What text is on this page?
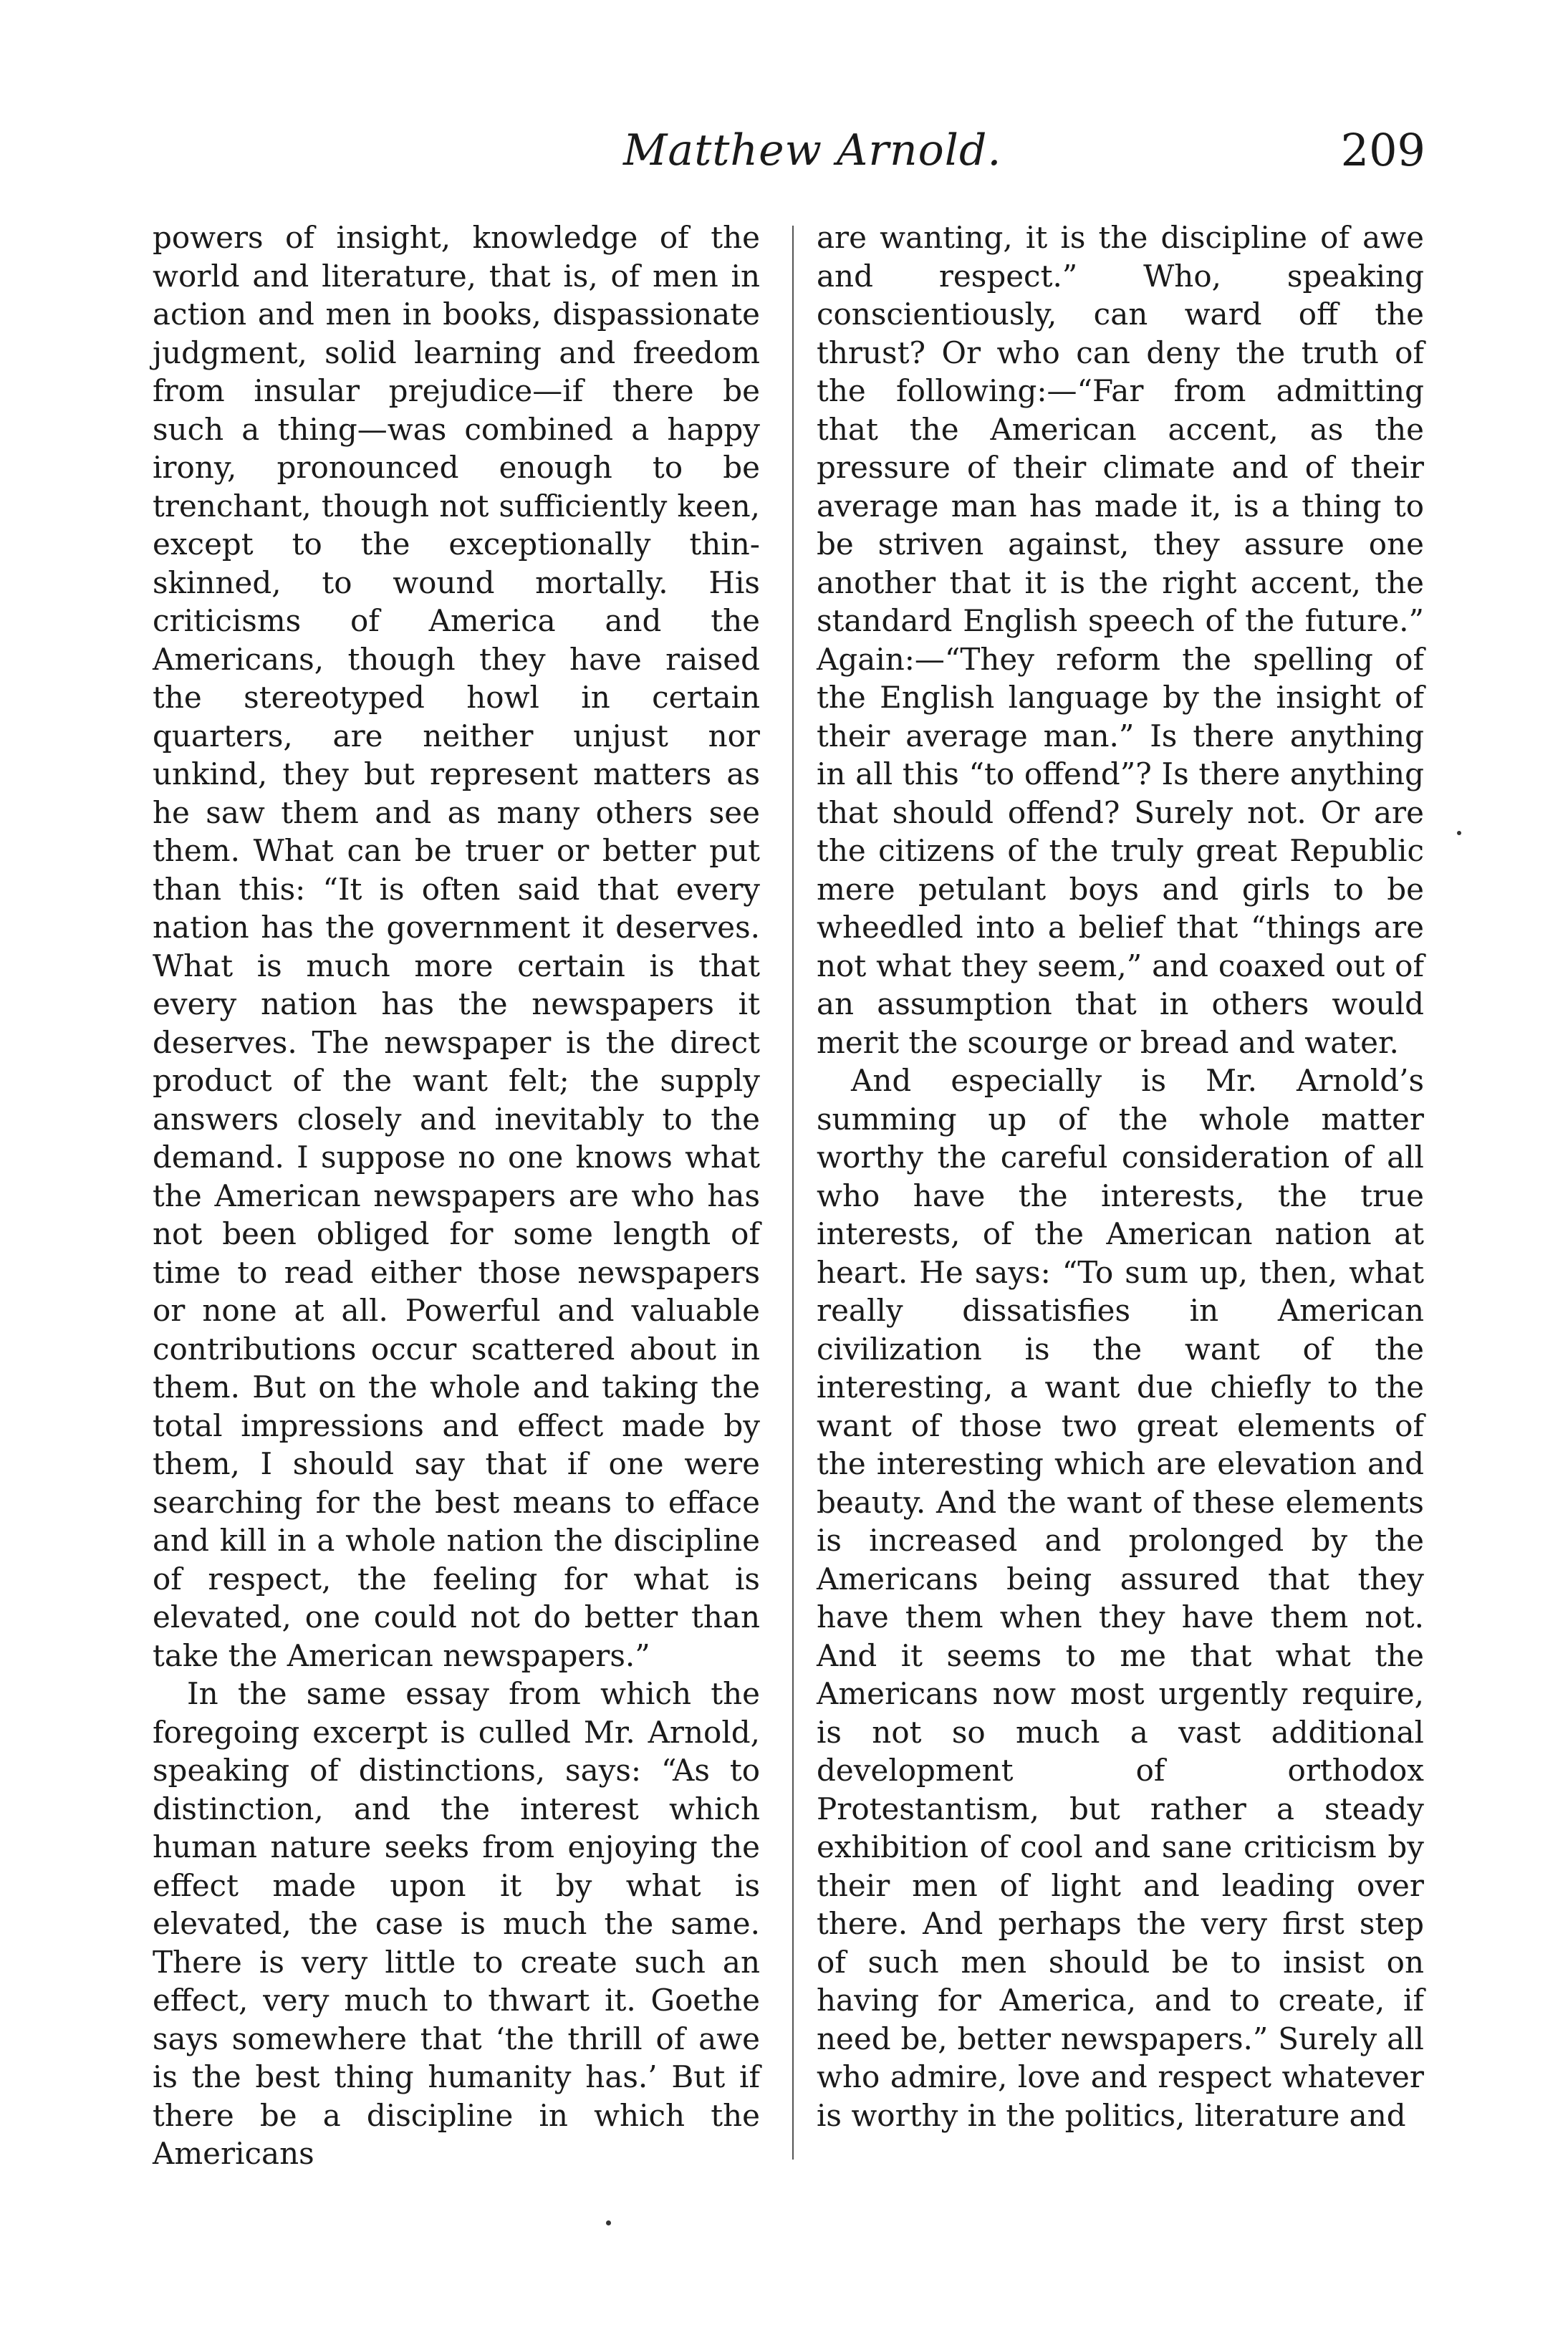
Matthew Arnold.	209

powers of insight, knowledge of the world and literature, that is, of men in action and men in books, dispassionate judgment, solid learning and freedom from insular prejudice—if there be such a thing—was combined a happy irony, pronounced enough to be trenchant, though not sufficiently keen, except to the exceptionally thin-skinned, to wound mortally. His criticisms of America and the Americans, though they have raised the stereotyped howl in certain quarters, are neither unjust nor unkind, they but represent matters as he saw them and as many others see them. What can be truer or better put than this: “It is often said that every nation has the government it deserves. What is much more certain is that every nation has the newspapers it deserves. The newspaper is the direct product of the want felt; the supply answers closely and inevitably to the demand. I suppose no one knows what the American newspapers are who has not been obliged for some length of time to read either those newspapers or none at all. Powerful and valuable contributions occur scattered about in them. But on the whole and taking the total impressions and effect made by them, I should say that if one were searching for the best means to efface and kill in a whole nation the discipline of respect, the feeling for what is elevated, one could not do better than take the American newspapers.”

In the same essay from which the foregoing excerpt is culled Mr. Arnold, speaking of distinctions, says: “As to distinction, and the interest which human nature seeks from enjoying the effect made upon it by what is elevated, the case is much the same. There is very little to create such an effect, very much to thwart it. Goethe says somewhere that ‘the thrill of awe is the best thing humanity has.’ But if there be a discipline in which the Americans

are wanting, it is the discipline of awe and respect.” Who, speaking conscientiously, can ward off the thrust? Or who can deny the truth of the following:—“Far from admitting that the American accent, as the pressure of their climate and of their average man has made it, is a thing to be striven against, they assure one another that it is the right accent, the standard English speech of the future.” Again:—“They reform the spelling of the English language by the insight of their average man.” Is there anything in all this “to offend”? Is there anything that should offend? Surely not. Or are the citizens of the truly great Republic mere petulant boys and girls to be wheedled into a belief that “things are not what they seem,” and coaxed out of an assumption that in others would merit the scourge or bread and water.

And especially is Mr. Arnold’s summing up of the whole matter worthy the careful consideration of all who have the interests, the true interests, of the American nation at heart. He says: “To sum up, then, what really dissatisfies in American civilization is the want of the interesting, a want due chiefly to the want of those two great elements of the interesting which are elevation and beauty. And the want of these elements is increased and prolonged by the Americans being assured that they have them when they have them not. And it seems to me that what the Americans now most urgently require, is not so much a vast additional development of orthodox Protestantism, but rather a steady exhibition of cool and sane criticism by their men of light and leading over there. And perhaps the very first step of such men should be to insist on having for America, and to create, if need be, better newspapers.” Surely all who admire, love and respect whatever is worthy in the politics, literature and
